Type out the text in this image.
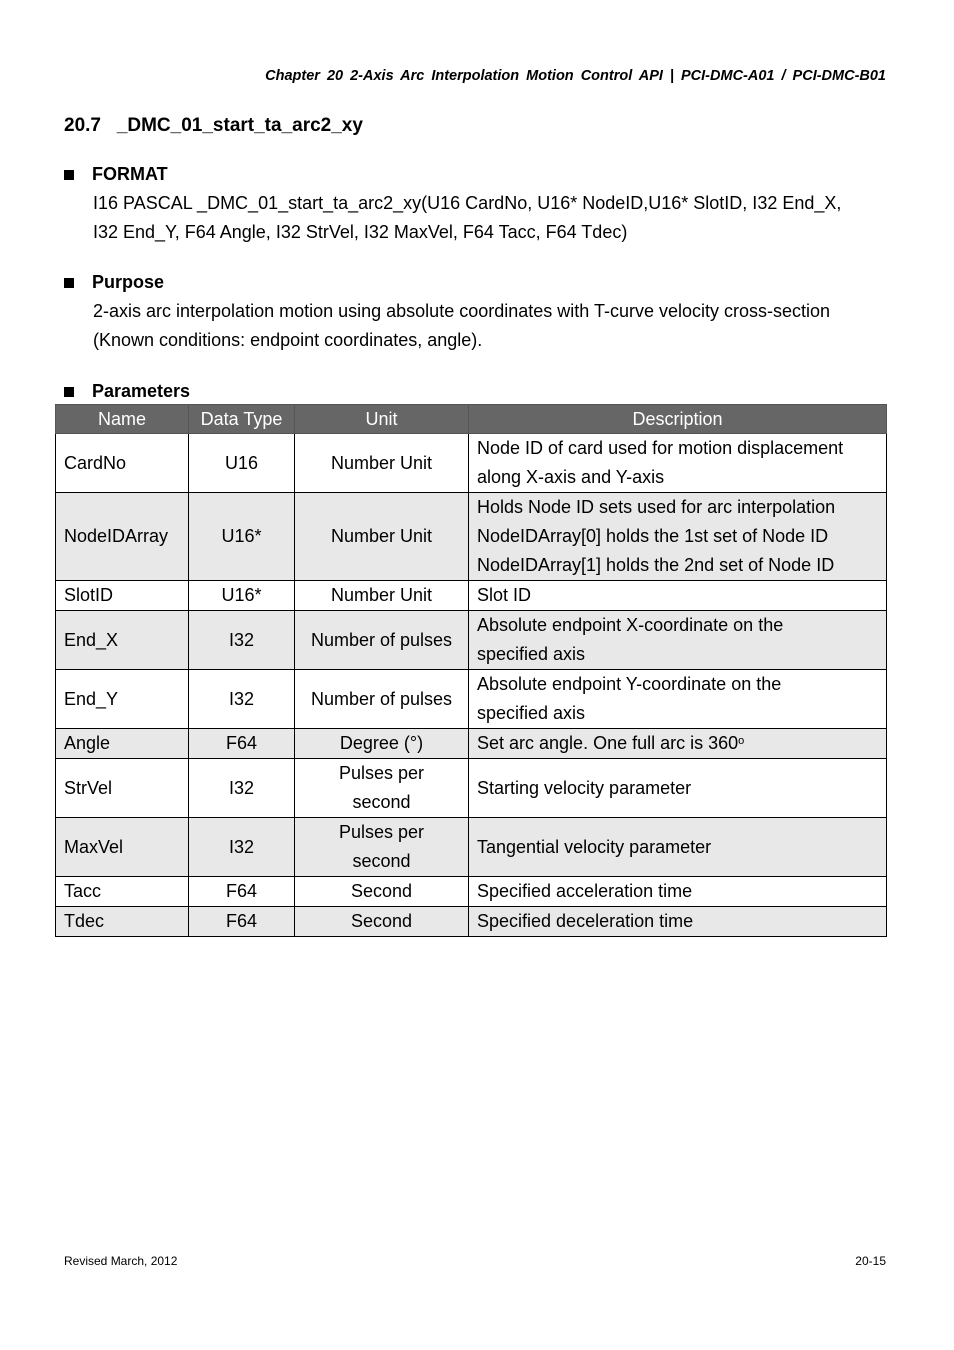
Chapter 20 2-Axis Arc Interpolation Motion Control API | PCI-DMC-A01 / PCI-DMC-B01
20.7   _DMC_01_start_ta_arc2_xy
FORMAT
I16 PASCAL _DMC_01_start_ta_arc2_xy(U16 CardNo, U16* NodeID,U16* SlotID, I32 End_X,
I32 End_Y, F64 Angle, I32 StrVel, I32 MaxVel, F64 Tacc, F64 Tdec)
Purpose
2-axis arc interpolation motion using absolute coordinates with T-curve velocity cross-section
(Known conditions: endpoint coordinates, angle).
Parameters
Name	Data Type	Unit	Description
CardNo	U16	Number Unit	Node ID of card used for motion displacement
along X-axis and Y-axis

NodeIDArray	U16*	Number Unit	Holds Node ID sets used for arc interpolation
NodeIDArray[0] holds the 1st set of Node ID
NodeIDArray[1] holds the 2nd set of Node ID

SlotID	U16*	Number Unit	Slot ID

End_X	I32	Number of pulses	Absolute endpoint X-coordinate on the
specified axis

End_Y	I32	Number of pulses	Absolute endpoint Y-coordinate on the
specified axis

Angle	F64	Degree (°)	Set arc angle. One full arc is 360$^o$

StrVel	I32	Pulses per
second	Starting velocity parameter

MaxVel	I32	Pulses per
second	Tangential velocity parameter

Tacc	F64	Second	Specified acceleration time

Tdec	F64	Second	Specified deceleration time
Revised March, 2012	20-15
